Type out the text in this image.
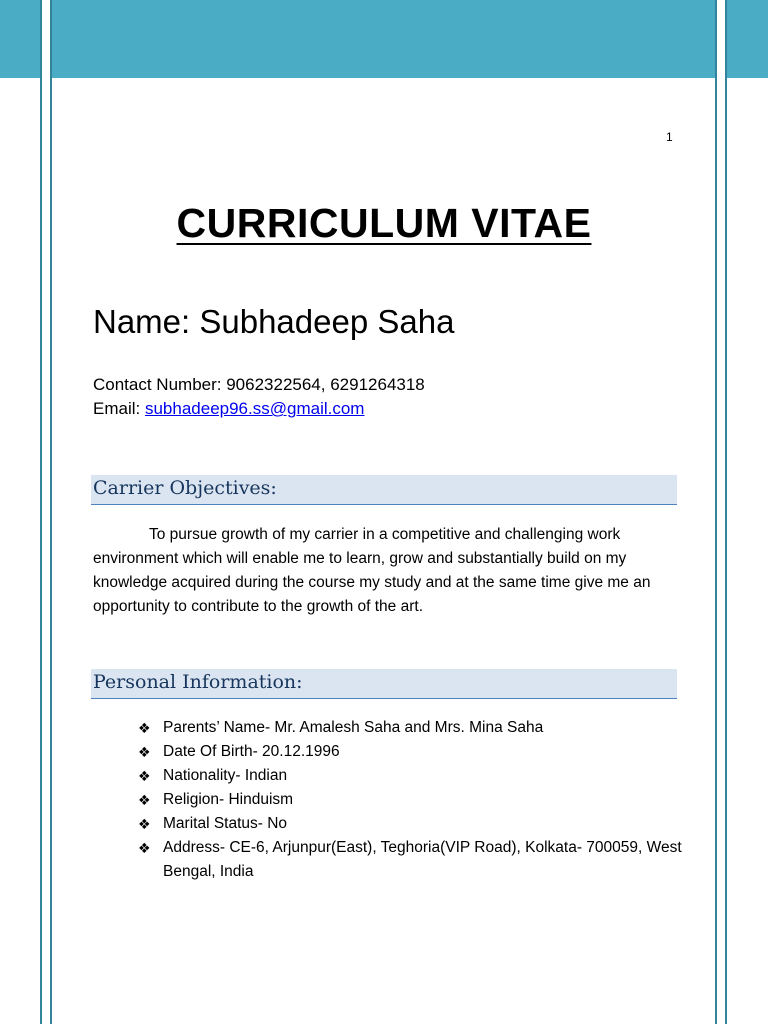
1
CURRICULUM VITAE
Name: Subhadeep Saha
Contact Number: 9062322564, 6291264318
Email: subhadeep96.ss@gmail.com
Carrier Objectives:
To pursue growth of my carrier in a competitive and challenging work environment which will enable me to learn, grow and substantially build on my knowledge acquired during the course my study and at the same time give me an opportunity to contribute to the growth of the art.
Personal Information:
❖ Parents’ Name- Mr. Amalesh Saha and Mrs. Mina Saha
❖ Date Of Birth- 20.12.1996
❖ Nationality- Indian
❖ Religion- Hinduism
❖ Marital Status- No
❖ Address- CE-6, Arjunpur(East), Teghoria(VIP Road), Kolkata- 700059, West Bengal, India
